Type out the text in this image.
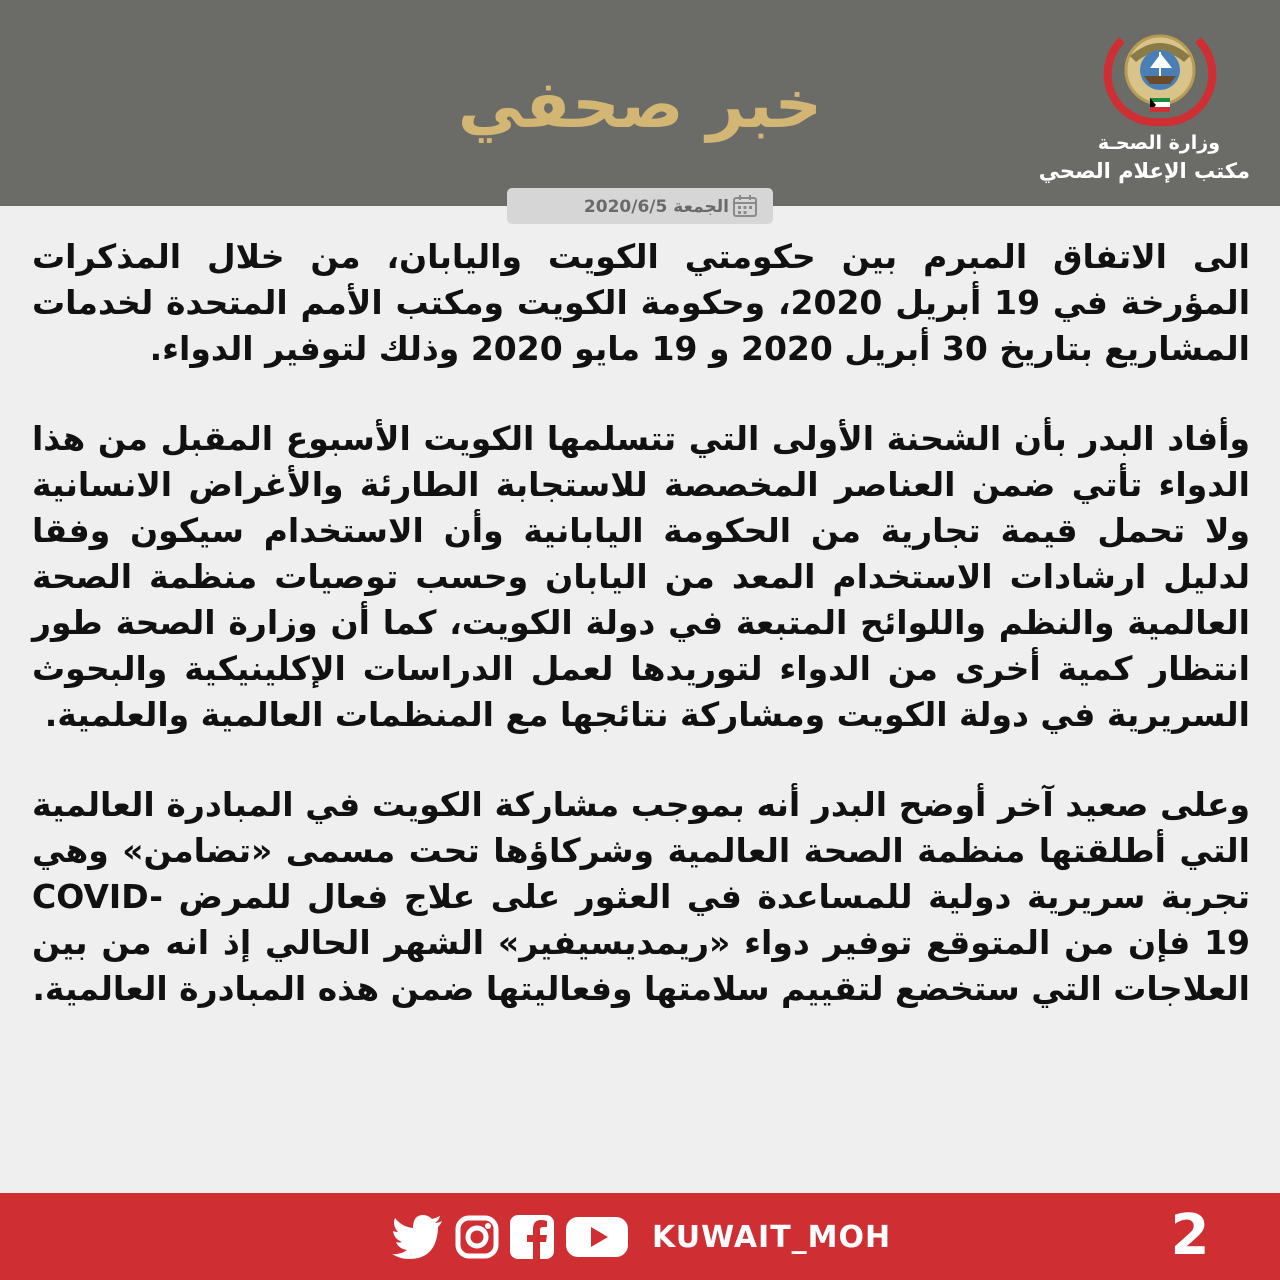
خبر صحفي	وزارة الصحـة
مكتب الإعلام الصحي
الجمعة 2020/6/5

الى الاتفاق المبرم بين حكومتي الكويت واليابان، من خلال المذكرات المؤرخة في 19 أبريل 2020، وحكومة الكويت ومكتب الأمم المتحدة لخدمات المشاريع بتاريخ 30 أبريل 2020 و 19 مايو 2020 وذلك لتوفير الدواء.

وأفاد البدر بأن الشحنة الأولى التي تتسلمها الكويت الأسبوع المقبل من هذا الدواء تأتي ضمن العناصر المخصصة للاستجابة الطارئة والأغراض الانسانية ولا تحمل قيمة تجارية من الحكومة اليابانية وأن الاستخدام سيكون وفقا لدليل ارشادات الاستخدام المعد من اليابان وحسب توصيات منظمة الصحة العالمية والنظم واللوائح المتبعة في دولة الكويت، كما أن وزارة الصحة طور انتظار كمية أخرى من الدواء لتوريدها لعمل الدراسات الإكلينيكية والبحوث السريرية في دولة الكويت ومشاركة نتائجها مع المنظمات العالمية والعلمية.

وعلى صعيد آخر أوضح البدر أنه بموجب مشاركة الكويت في المبادرة العالمية التي أطلقتها منظمة الصحة العالمية وشركاؤها تحت مسمى «تضامن» وهي تجربة سريرية دولية للمساعدة في العثور على علاج فعال للمرض COVID-19 فإن من المتوقع توفير دواء «ريمديسيفير» الشهر الحالي إذ انه من بين العلاجات التي ستخضع لتقييم سلامتها وفعاليتها ضمن هذه المبادرة العالمية.

KUWAIT_MOH	2
